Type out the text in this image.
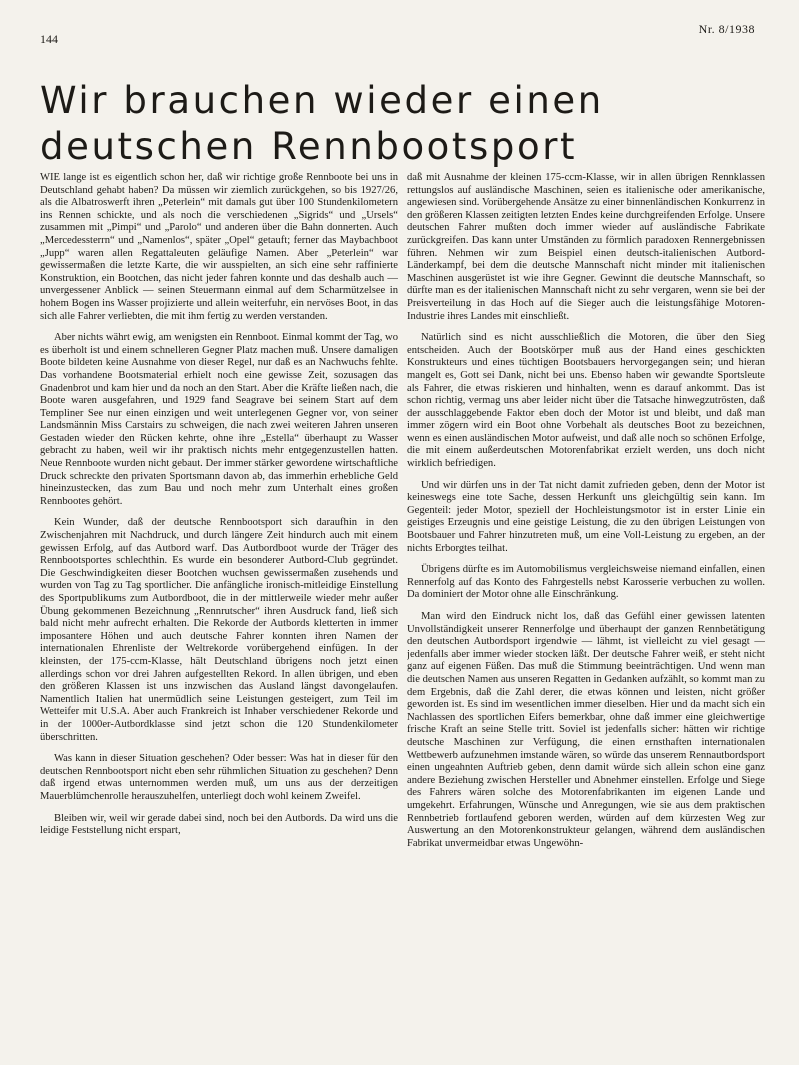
144
Nr. 8/1938
Wir brauchen wieder einen deutschen Rennbootsport

WIE lange ist es eigentlich schon her, daß wir richtige große Rennboote bei uns in Deutschland gehabt haben? Da müssen wir ziemlich zurückgehen, so bis 1927/26, als die Albatroswerft ihren „Peterlein“ mit damals gut über 100 Stundenkilometern ins Rennen schickte, und als noch die verschiedenen „Sigrids“ und „Ursels“ zusammen mit „Pimpi“ und „Parolo“ und anderen über die Bahn donnerten. Auch „Mercedessterrn“ und „Namenlos“, später „Opel“ getauft; ferner das Maybachboot „Jupp“ waren allen Regattaleuten geläufige Namen. Aber „Peterlein“ war gewissermaßen die letzte Karte, die wir ausspielten, an sich eine sehr raffinierte Konstruktion, ein Bootchen, das nicht jeder fahren konnte und das deshalb auch — unvergessener Anblick — seinen Steuermann einmal auf dem Scharmützelsee in hohem Bogen ins Wasser projizierte und allein weiterfuhr, ein nervöses Boot, in das sich alle Fahrer verliebten, die mit ihm fertig zu werden verstanden.

Aber nichts währt ewig, am wenigsten ein Rennboot. Einmal kommt der Tag, wo es überholt ist und einem schnelleren Gegner Platz machen muß. Unsere damaligen Boote bildeten keine Ausnahme von dieser Regel, nur daß es an Nachwuchs fehlte. Das vorhandene Bootsmaterial erhielt noch eine gewisse Zeit, sozusagen das Gnadenbrot und kam hier und da noch an den Start. Aber die Kräfte ließen nach, die Boote waren ausgefahren, und 1929 fand Seagrave bei seinem Start auf dem Templiner See nur einen einzigen und weit unterlegenen Gegner vor, von seiner Landsmännin Miss Carstairs zu schweigen, die nach zwei weiteren Jahren unseren Gestaden wieder den Rücken kehrte, ohne ihre „Estella“ überhaupt zu Wasser gebracht zu haben, weil wir ihr praktisch nichts mehr entgegenzustellen hatten. Neue Rennboote wurden nicht gebaut. Der immer stärker gewordene wirtschaftliche Druck schreckte den privaten Sportsmann davon ab, das immerhin erhebliche Geld hineinzustecken, das zum Bau und noch mehr zum Unterhalt eines großen Rennbootes gehört.

Kein Wunder, daß der deutsche Rennbootsport sich daraufhin in den Zwischenjahren mit Nachdruck, und durch längere Zeit hindurch auch mit einem gewissen Erfolg, auf das Autbord warf. Das Autbordboot wurde der Träger des Rennbootsportes schlechthin. Es wurde ein besonderer Autbord-Club gegründet. Die Geschwindigkeiten dieser Bootchen wuchsen gewissermaßen zusehends und wurden von Tag zu Tag sportlicher. Die anfängliche ironisch-mitleidige Einstellung des Sportpublikums zum Autbordboot, die in der mittlerweile wieder mehr außer Übung gekommenen Bezeichnung „Rennrutscher“ ihren Ausdruck fand, ließ sich bald nicht mehr aufrecht erhalten. Die Rekorde der Autbords kletterten in immer imposantere Höhen und auch deutsche Fahrer konnten ihren Namen der internationalen Ehrenliste der Weltrekorde vorübergehend einfügen. In der kleinsten, der 175-ccm-Klasse, hält Deutschland übrigens noch jetzt einen allerdings schon vor drei Jahren aufgestellten Rekord. In allen übrigen, und eben den größeren Klassen ist uns inzwischen das Ausland längst davongelaufen. Namentlich Italien hat unermüdlich seine Leistungen gesteigert, zum Teil im Wetteifer mit U.S.A. Aber auch Frankreich ist Inhaber verschiedener Rekorde und in der 1000er-Autbordklasse sind jetzt schon die 120 Stundenkilometer überschritten.

Was kann in dieser Situation geschehen? Oder besser: Was hat in dieser für den deutschen Rennbootsport nicht eben sehr rühmlichen Situation zu geschehen? Denn daß irgend etwas unternommen werden muß, um uns aus der derzeitigen Mauerblümchenrolle herauszuhelfen, unterliegt doch wohl keinem Zweifel.

Bleiben wir, weil wir gerade dabei sind, noch bei den Autbords. Da wird uns die leidige Feststellung nicht erspart,

daß mit Ausnahme der kleinen 175-ccm-Klasse, wir in allen übrigen Rennklassen rettungslos auf ausländische Maschinen, seien es italienische oder amerikanische, angewiesen sind. Vorübergehende Ansätze zu einer binnenländischen Konkurrenz in den größeren Klassen zeitigten letzten Endes keine durchgreifenden Erfolge. Unsere deutschen Fahrer mußten doch immer wieder auf ausländische Fabrikate zurückgreifen. Das kann unter Umständen zu förmlich paradoxen Rennergebnissen führen. Nehmen wir zum Beispiel einen deutsch-italienischen Autbord-Länderkampf, bei dem die deutsche Mannschaft nicht minder mit italienischen Maschinen ausgerüstet ist wie ihre Gegner. Gewinnt die deutsche Mannschaft, so dürfte man es der italienischen Mannschaft nicht zu sehr vergaren, wenn sie bei der Preisverteilung in das Hoch auf die Sieger auch die leistungsfähige Motoren-Industrie ihres Landes mit einschließt.

Natürlich sind es nicht ausschließlich die Motoren, die über den Sieg entscheiden. Auch der Bootskörper muß aus der Hand eines geschickten Konstrukteurs und eines tüchtigen Bootsbauers hervorgegangen sein; und hieran mangelt es, Gott sei Dank, nicht bei uns. Ebenso haben wir gewandte Sportsleute als Fahrer, die etwas riskieren und hinhalten, wenn es darauf ankommt. Das ist schon richtig, vermag uns aber leider nicht über die Tatsache hinwegzutrösten, daß der ausschlaggebende Faktor eben doch der Motor ist und bleibt, und daß man immer zögern wird ein Boot ohne Vorbehalt als deutsches Boot zu bezeichnen, wenn es einen ausländischen Motor aufweist, und daß alle noch so schönen Erfolge, die mit einem außerdeutschen Motorenfabrikat erzielt werden, uns doch nicht wirklich befriedigen.

Und wir dürfen uns in der Tat nicht damit zufrieden geben, denn der Motor ist keineswegs eine tote Sache, dessen Herkunft uns gleichgültig sein kann. Im Gegenteil: jeder Motor, speziell der Hochleistungsmotor ist in erster Linie ein geistiges Erzeugnis und eine geistige Leistung, die zu den übrigen Leistungen von Bootsbauer und Fahrer hinzutreten muß, um eine Voll-Leistung zu ergeben, an der nichts Erborgtes teilhat.

Übrigens dürfte es im Automobilismus vergleichsweise niemand einfallen, einen Rennerfolg auf das Konto des Fahrgestells nebst Karosserie verbuchen zu wollen. Da dominiert der Motor ohne alle Einschränkung.

Man wird den Eindruck nicht los, daß das Gefühl einer gewissen latenten Unvollständigkeit unserer Rennerfolge und überhaupt der ganzen Rennbetätigung den deutschen Autbordsport irgendwie — lähmt, ist vielleicht zu viel gesagt — jedenfalls aber immer wieder stocken läßt. Der deutsche Fahrer weiß, er steht nicht ganz auf eigenen Füßen. Das muß die Stimmung beeinträchtigen. Und wenn man die deutschen Namen aus unseren Regatten in Gedanken aufzählt, so kommt man zu dem Ergebnis, daß die Zahl derer, die etwas können und leisten, nicht größer geworden ist. Es sind im wesentlichen immer dieselben. Hier und da macht sich ein Nachlassen des sportlichen Eifers bemerkbar, ohne daß immer eine gleichwertige frische Kraft an seine Stelle tritt. Soviel ist jedenfalls sicher: hätten wir richtige deutsche Maschinen zur Verfügung, die einen ernsthaften internationalen Wettbewerb aufzunehmen imstande wären, so würde das unserem Rennautbordsport einen ungeahnten Auftrieb geben, denn damit würde sich allein schon eine ganz andere Beziehung zwischen Hersteller und Abnehmer einstellen. Erfolge und Siege des Fahrers wären solche des Motorenfabrikanten im eigenen Lande und umgekehrt. Erfahrungen, Wünsche und Anregungen, wie sie aus dem praktischen Rennbetrieb fortlaufend geboren werden, würden auf dem kürzesten Weg zur Auswertung an den Motorenkonstrukteur gelangen, während dem ausländischen Fabrikat unvermeidbar etwas Ungewöhn-
